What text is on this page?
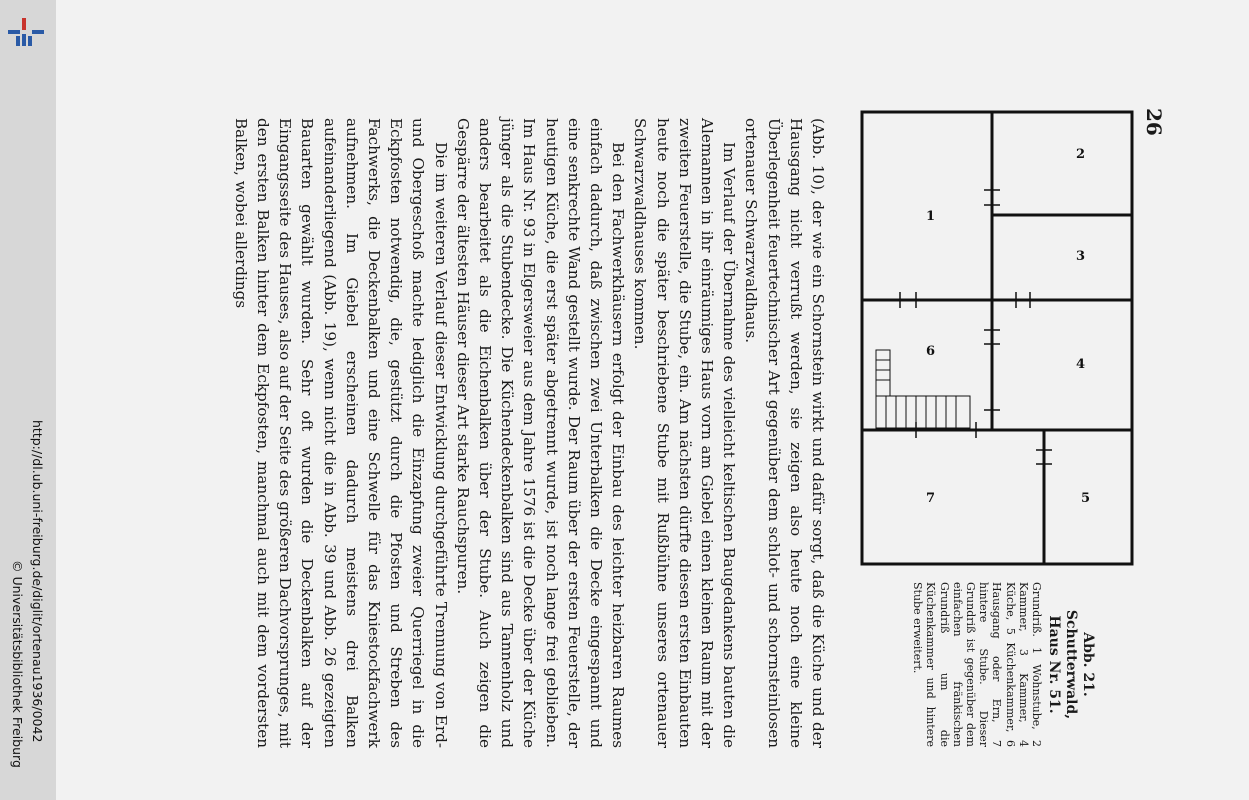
http://dl.ub.uni-freiburg.de/diglit/ortenau1936/0042
© Universitätsbibliothek Freiburg
26

(Abb. 10), der wie ein Schornstein wirkt und dafür sorgt, daß die Küche und der Hausgang nicht verrußt werden, sie zeigen also heute noch eine kleine Überlegenheit feuertechnischer Art gegenüber dem schlot- und schornsteinlosen ortenauer Schwarzwaldhaus.

Im Verlauf der Übernahme des vielleicht keltischen Baugedankens bauten die Alemannen in ihr einräumiges Haus vorn am Giebel einen kleinen Raum mit der zweiten Feuerstelle, die Stube, ein. Am nächsten dürfte diesen ersten Einbauten heute noch die später beschriebene Stube mit Rußbühne unseres ortenauer Schwarzwaldhauses kommen.

Bei den Fachwerkhäusern erfolgt der Einbau des leichter heizbaren Raumes einfach dadurch, daß zwischen zwei Unterbalken die Decke eingespannt und eine senkrechte Wand gestellt wurde. Der Raum über der ersten Feuerstelle, der heutigen Küche, die erst später abgetrennt wurde, ist noch lange frei geblieben. Im Haus Nr. 93 in Elgersweier aus dem Jahre 1576 ist die Decke über der Küche jünger als die Stubendecke. Die Küchendeckenbalken sind aus Tannenholz und anders bearbeitet als die Eichenbalken über der Stube. Auch zeigen die Gespärre der ältesten Häuser dieser Art starke Rauchspuren.

Die im weiteren Verlauf dieser Entwicklung durchgeführte Trennung von Erd- und Obergeschoß machte lediglich die Einzapfung zweier Querriegel in die Eckpfosten notwendig, die, gestützt durch die Pfosten und Streben des Fachwerks, die Deckenbalken und eine Schwelle für das Kniestockfachwerk aufnehmen. Im Giebel erscheinen dadurch meistens drei Balken aufeinanderliegend (Abb. 19), wenn nicht die in Abb. 39 und Abb. 26 gezeigten Bauarten gewählt wurden. Sehr oft wurden die Deckenbalken auf der Eingangsseite des Hauses, also auf der Seite des größeren Dachvorsprunges, mit den ersten Balken hinter dem Eckpfosten, manchmal auch mit dem vordersten Balken, wobei allerdings

Abb. 21.
Schutterwald,
Haus Nr. 51.
Grundriß. 1 Wohnstube, 2 Kammer, 3 Kammer, 4 Küche, 5 Küchenkammer, 6 Hausgang oder Ern, 7 hintere Stube. Dieser Grundriß ist gegenüber dem einfachen fränkischen Grundriß um die Küchenkammer und hintere Stube erweitert.
1
2
3
4
5
6
7
